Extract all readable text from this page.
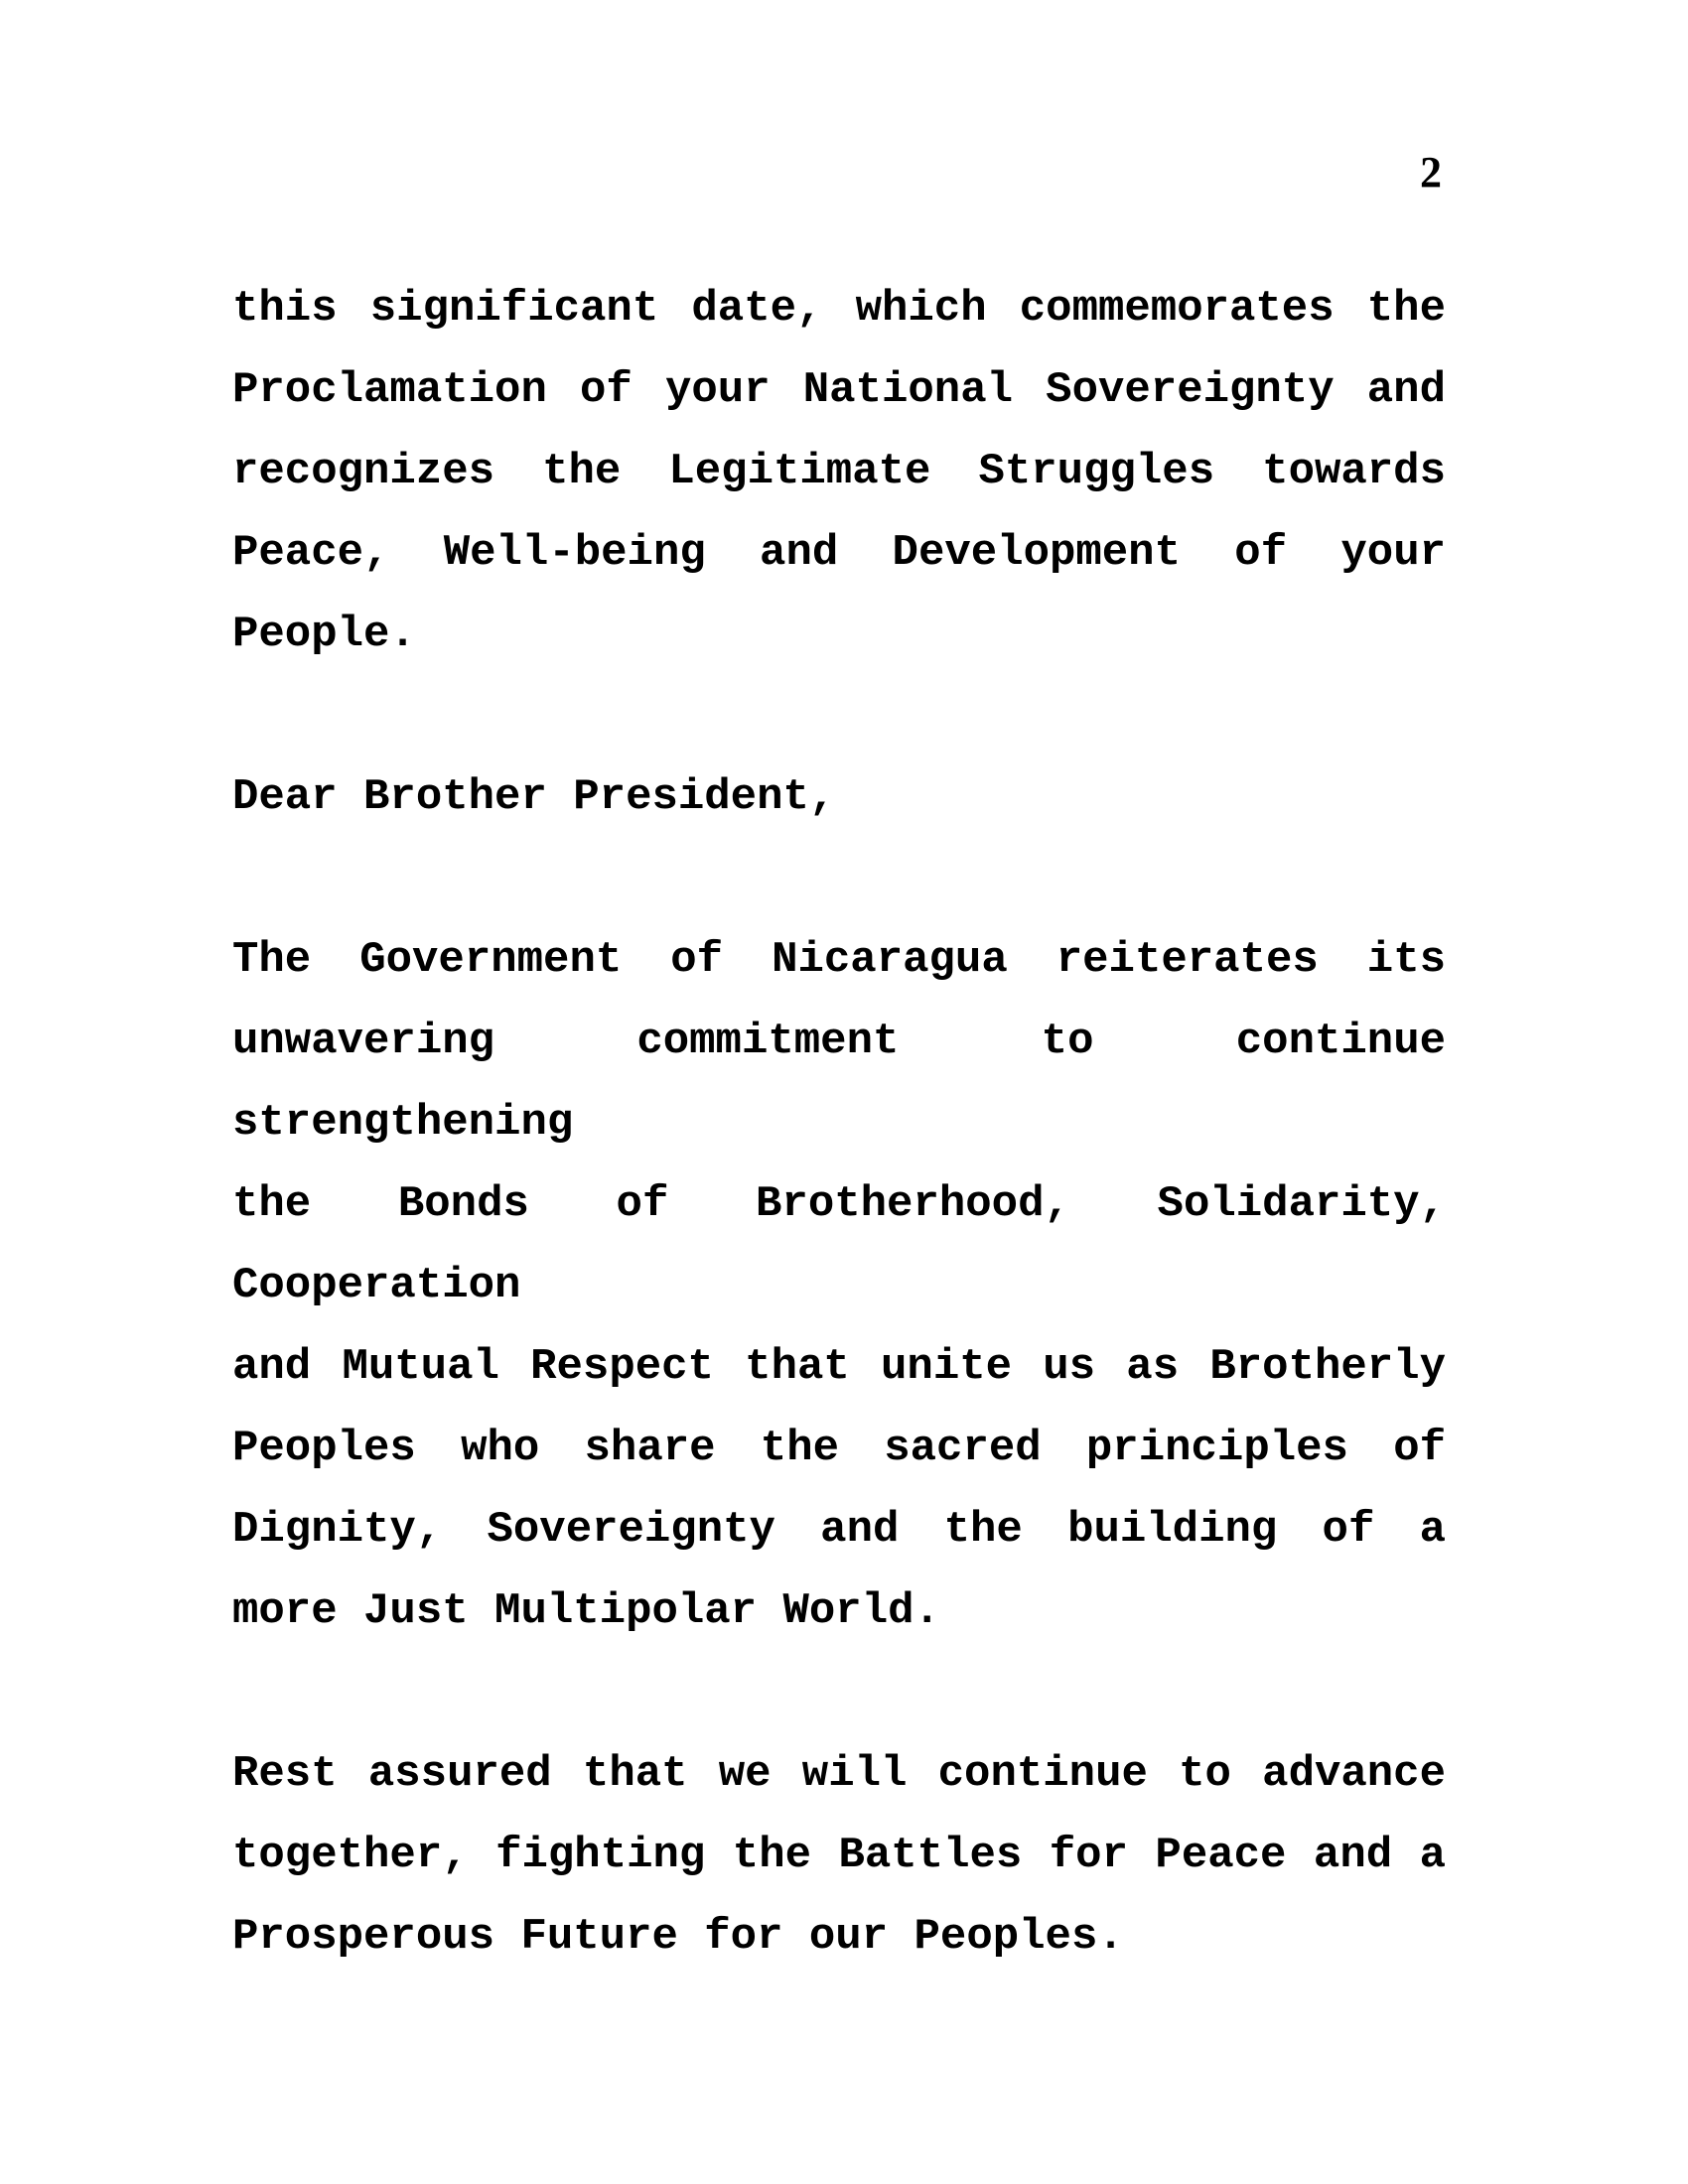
2

this significant date, which commemorates the
Proclamation of your National Sovereignty and
recognizes the Legitimate Struggles towards
Peace, Well-being and Development of your
People.

Dear Brother President,

The Government of Nicaragua reiterates its
unwavering commitment to continue strengthening
the Bonds of Brotherhood, Solidarity, Cooperation
and Mutual Respect that unite us as Brotherly
Peoples who share the sacred principles of
Dignity, Sovereignty and the building of a
more Just Multipolar World.

Rest assured that we will continue to advance
together, fighting the Battles for Peace and a
Prosperous Future for our Peoples.
